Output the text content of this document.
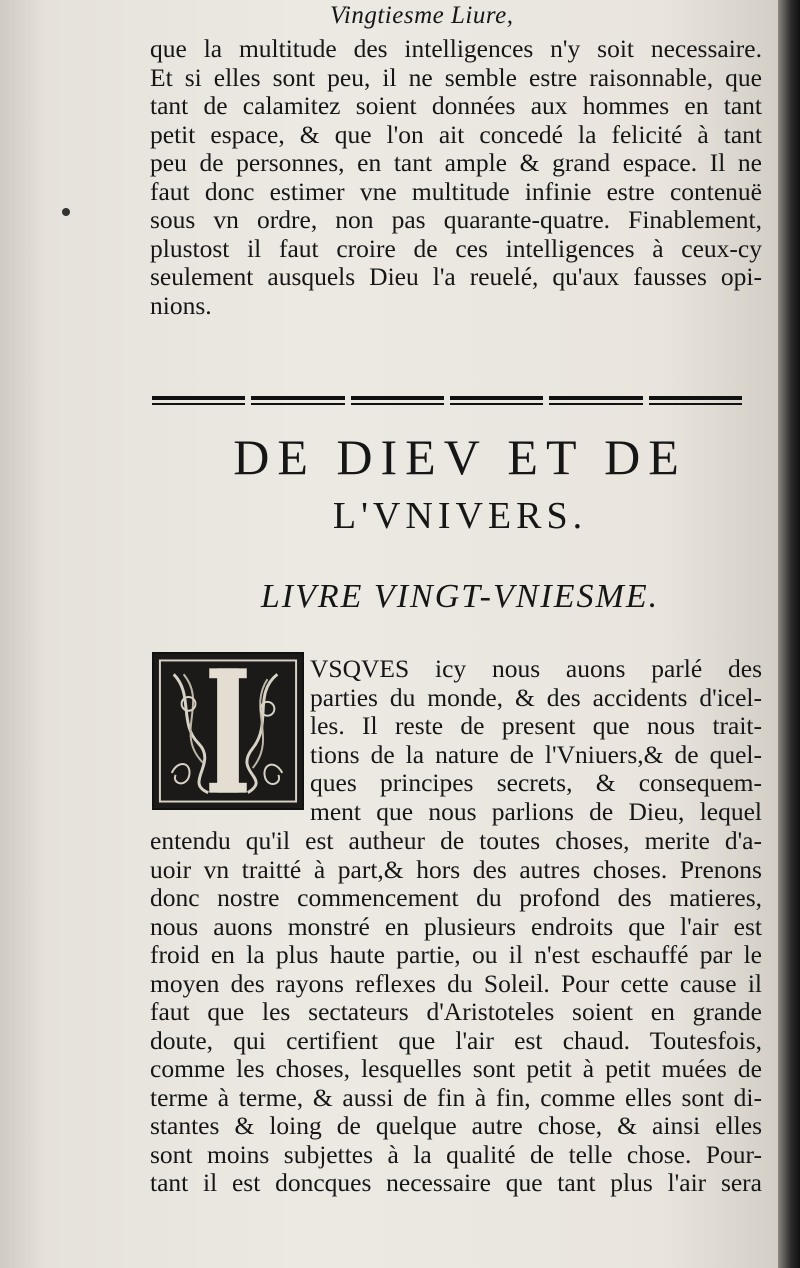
Vingtiesme Liure,
que la multitude des intelligences n'y soit necessaire.
Et si elles sont peu, il ne semble estre raisonnable, que
tant de calamitez soient données aux hommes en tant
petit espace, & que l'on ait concedé la felicité à tant
peu de personnes, en tant ample & grand espace. Il ne
faut donc estimer vne multitude infinie estre contenuë
sous vn ordre, non pas quarante-quatre. Finablement,
plustost il faut croire de ces intelligences à ceux-cy
seulement ausquels Dieu l'a reuelé, qu'aux fausses opi-
nions.
DE DIEV ET DE
L'VNIVERS.
LIVRE VINGT-VNIESME.
VSQVES icy nous auons parlé des
parties du monde, & des accidents d'icel-
les. Il reste de present que nous trait-
tions de la nature de l'Vniuers,& de quel-
ques principes secrets, & consequem-
ment que nous parlions de Dieu, lequel
entendu qu'il est autheur de toutes choses, merite d'a-
uoir vn traitté à part,& hors des autres choses. Prenons
donc nostre commencement du profond des matieres,
nous auons monstré en plusieurs endroits que l'air est
froid en la plus haute partie, ou il n'est eschauffé par le
moyen des rayons reflexes du Soleil. Pour cette cause il
faut que les sectateurs d'Aristoteles soient en grande
doute, qui certifient que l'air est chaud. Toutesfois,
comme les choses, lesquelles sont petit à petit muées de
terme à terme, & aussi de fin à fin, comme elles sont di-
stantes & loing de quelque autre chose, & ainsi elles
sont moins subjettes à la qualité de telle chose. Pour-
tant il est doncques necessaire que tant plus l'air sera
